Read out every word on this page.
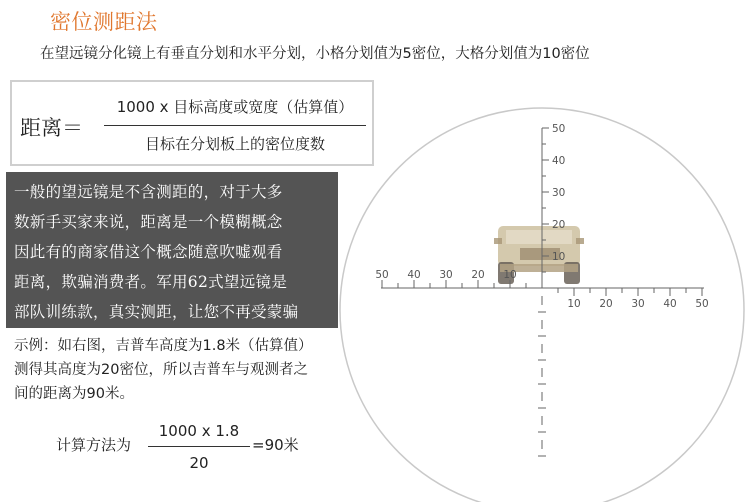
密位测距法
在望远镜分化镜上有垂直分划和水平分划，小格分划值为5密位，大格分划值为10密位
距离＝
1000 x 目标高度或宽度（估算值）
目标在分划板上的密位度数
一般的望远镜是不含测距的，对于大多
数新手买家来说，距离是一个模糊概念
因此有的商家借这个概念随意吹嘘观看
距离，欺骗消费者。军用62式望远镜是
部队训练款，真实测距，让您不再受蒙骗
示例：如右图，吉普车高度为1.8米（估算值）
测得其高度为20密位，所以吉普车与观测者之
间的距离为90米。
计算方法为
1000 x 1.8
20
=90米
50 40 30 20 10
10 20 30 40 50
50
40
30
20
10
